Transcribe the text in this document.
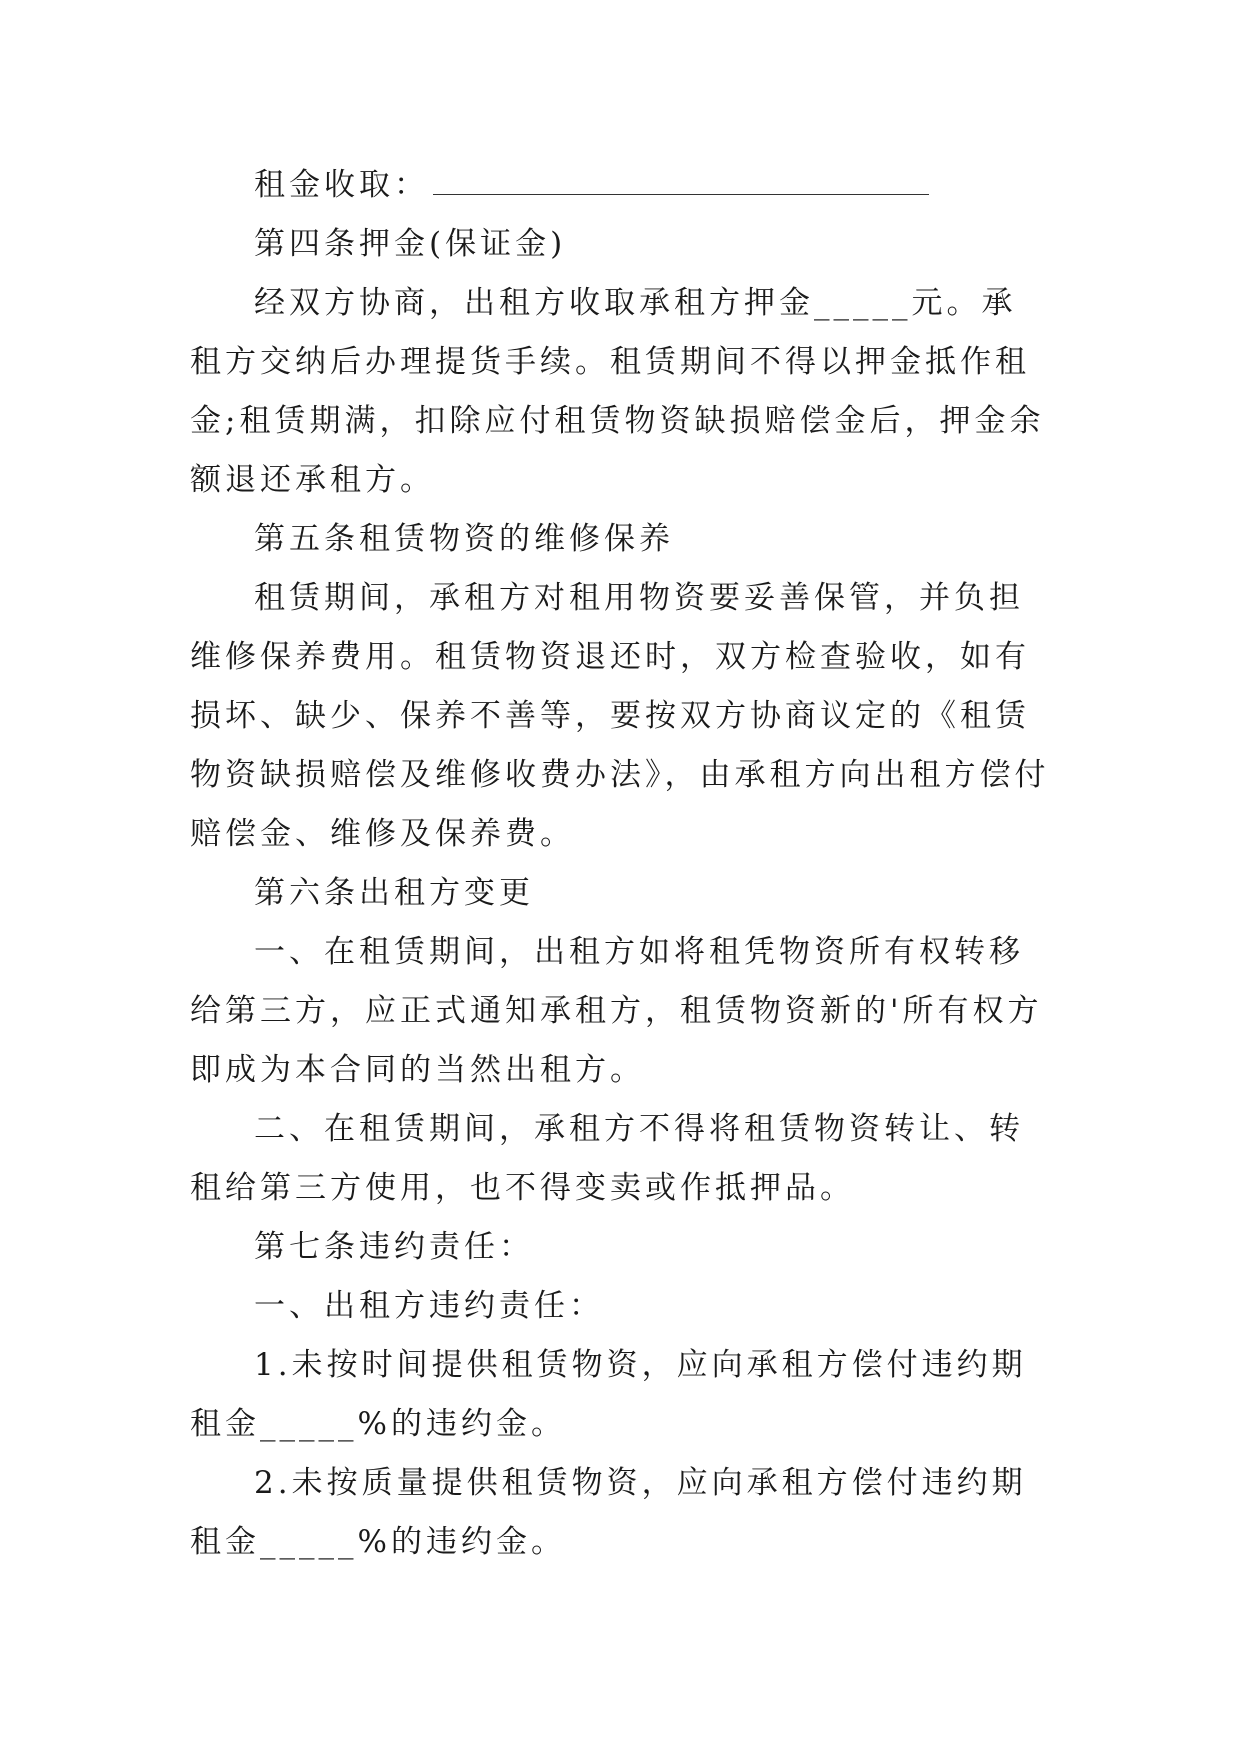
租金收取：

第四条押金(保证金)

经双方协商，出租方收取承租方押金_____元。承租方交纳后办理提货手续。租赁期间不得以押金抵作租金;租赁期满，扣除应付租赁物资缺损赔偿金后，押金余额退还承租方。

第五条租赁物资的维修保养

租赁期间，承租方对租用物资要妥善保管，并负担维修保养费用。租赁物资退还时，双方检查验收，如有损坏、缺少、保养不善等，要按双方协商议定的《租赁物资缺损赔偿及维修收费办法》，由承租方向出租方偿付赔偿金、维修及保养费。

第六条出租方变更

一、在租赁期间，出租方如将租凭物资所有权转移给第三方，应正式通知承租方，租赁物资新的'所有权方即成为本合同的当然出租方。

二、在租赁期间，承租方不得将租赁物资转让、转租给第三方使用，也不得变卖或作抵押品。

第七条违约责任：

一、出租方违约责任：

1.未按时间提供租赁物资，应向承租方偿付违约期租金_____%的违约金。

2.未按质量提供租赁物资，应向承租方偿付违约期租金_____%的违约金。
